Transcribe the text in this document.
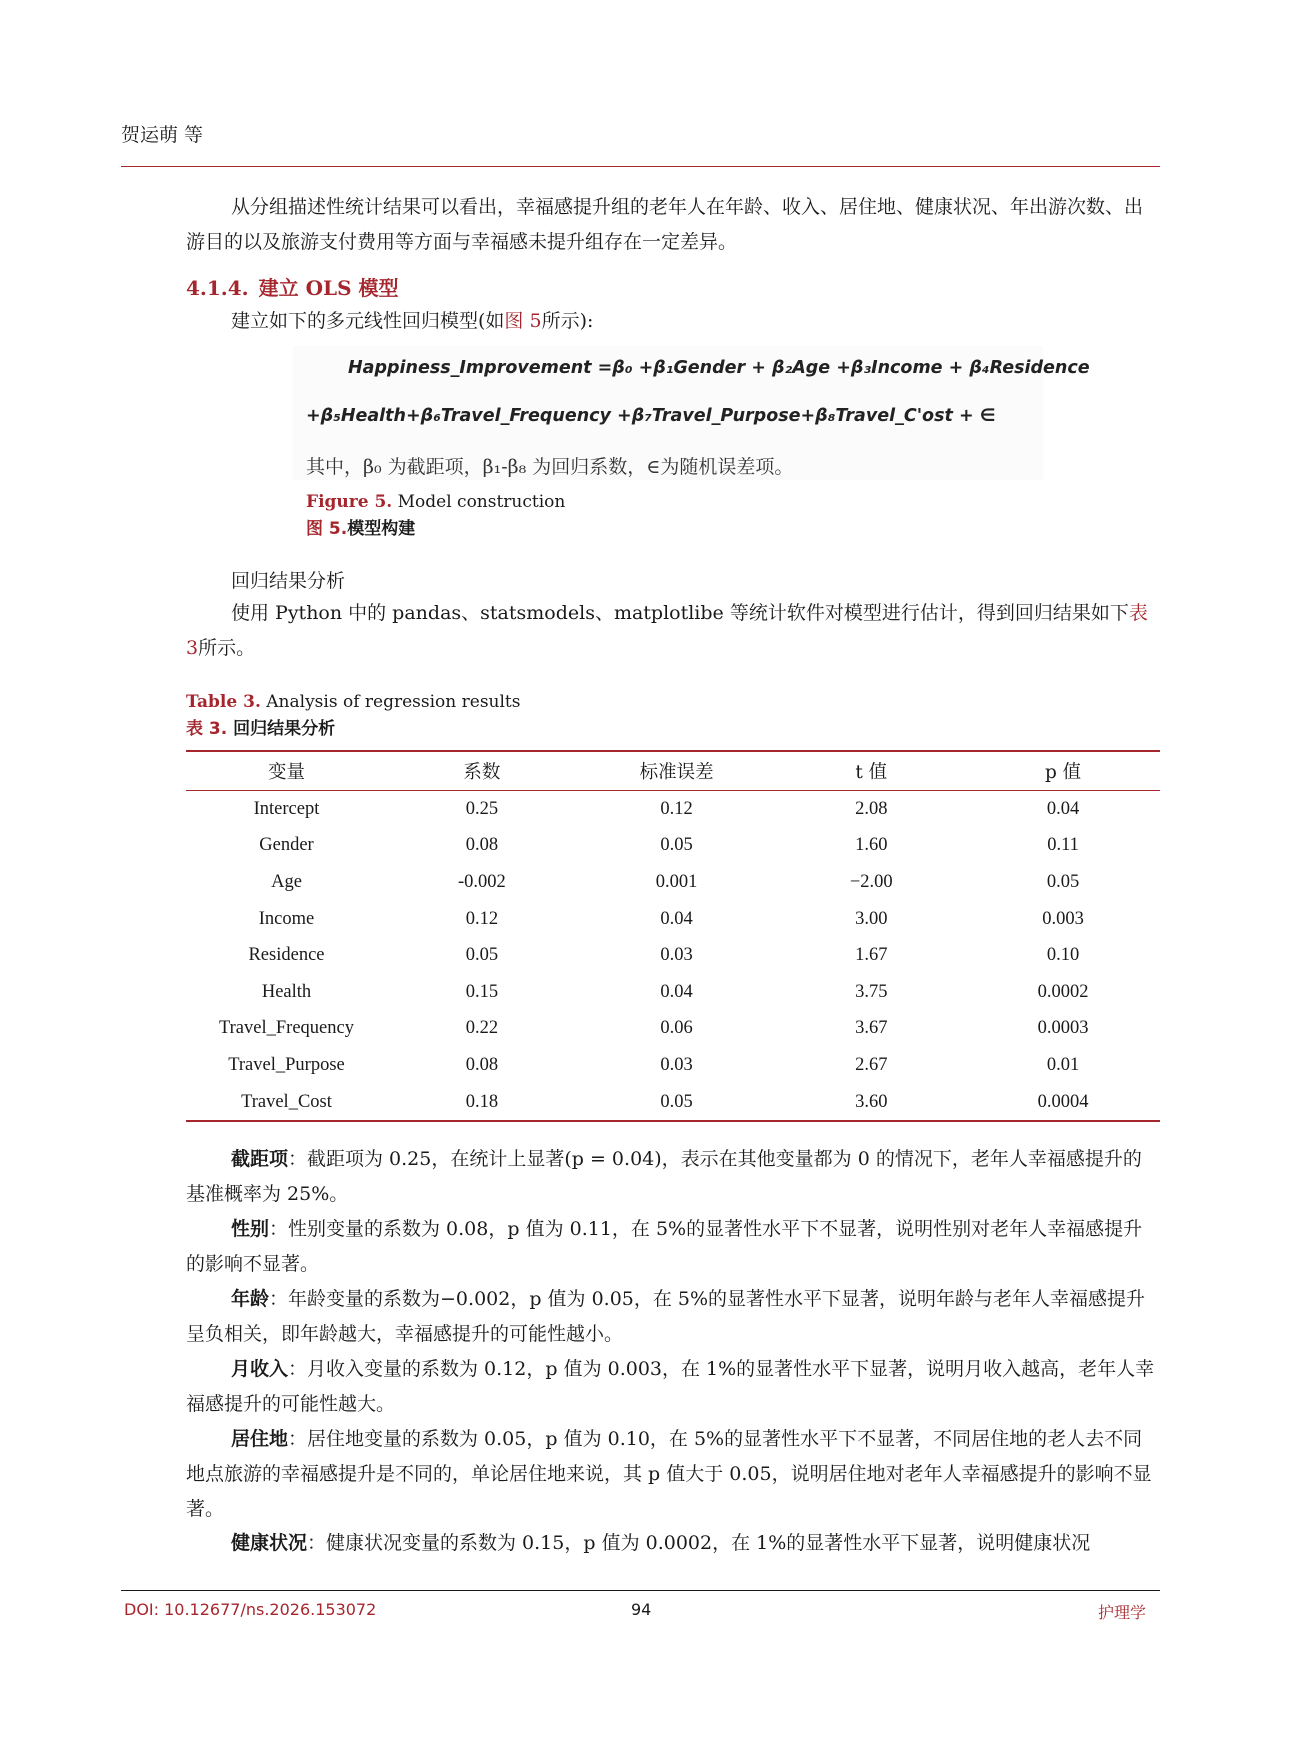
贺运萌 等

从分组描述性统计结果可以看出，幸福感提升组的老年人在年龄、收入、居住地、健康状况、年出游次数、出游目的以及旅游支付费用等方面与幸福感未提升组存在一定差异。

4.1.4. 建立 OLS 模型
建立如下的多元线性回归模型(如图 5所示):
Happiness_Improvement =β₀ +β₁Gender + β₂Age +β₃Income + β₄Residence
+β₅Health+β₆Travel_Frequency +β₇Travel_Purpose+β₈Travel_C'ost + ∈
其中，β₀ 为截距项，β₁-β₈ 为回归系数，∈为随机误差项。
Figure 5. Model construction
图 5.模型构建
回归结果分析

使用 Python 中的 pandas、statsmodels、matplotlibe 等统计软件对模型进行估计，得到回归结果如下表 3所示。

Table 3. Analysis of regression results
表 3. 回归结果分析
变量	系数	标准误差	t 值	p 值
Intercept	0.25	0.12	2.08	0.04
Gender	0.08	0.05	1.60	0.11
Age	-0.002	0.001	−2.00	0.05
Income	0.12	0.04	3.00	0.003
Residence	0.05	0.03	1.67	0.10
Health	0.15	0.04	3.75	0.0002
Travel_Frequency	0.22	0.06	3.67	0.0003
Travel_Purpose	0.08	0.03	2.67	0.01
Travel_Cost	0.18	0.05	3.60	0.0004

截距项：截距项为 0.25，在统计上显著(p = 0.04)，表示在其他变量都为 0 的情况下，老年人幸福感提升的基准概率为 25%。

性别：性别变量的系数为 0.08，p 值为 0.11，在 5%的显著性水平下不显著，说明性别对老年人幸福感提升的影响不显著。

年龄：年龄变量的系数为−0.002，p 值为 0.05，在 5%的显著性水平下显著，说明年龄与老年人幸福感提升呈负相关，即年龄越大，幸福感提升的可能性越小。

月收入：月收入变量的系数为 0.12，p 值为 0.003，在 1%的显著性水平下显著，说明月收入越高，老年人幸福感提升的可能性越大。

居住地：居住地变量的系数为 0.05，p 值为 0.10，在 5%的显著性水平下不显著，不同居住地的老人去不同地点旅游的幸福感提升是不同的，单论居住地来说，其 p 值大于 0.05，说明居住地对老年人幸福感提升的影响不显著。

健康状况：健康状况变量的系数为 0.15，p 值为 0.0002，在 1%的显著性水平下显著，说明健康状况

DOI: 10.12677/ns.2026.153072	94	护理学
